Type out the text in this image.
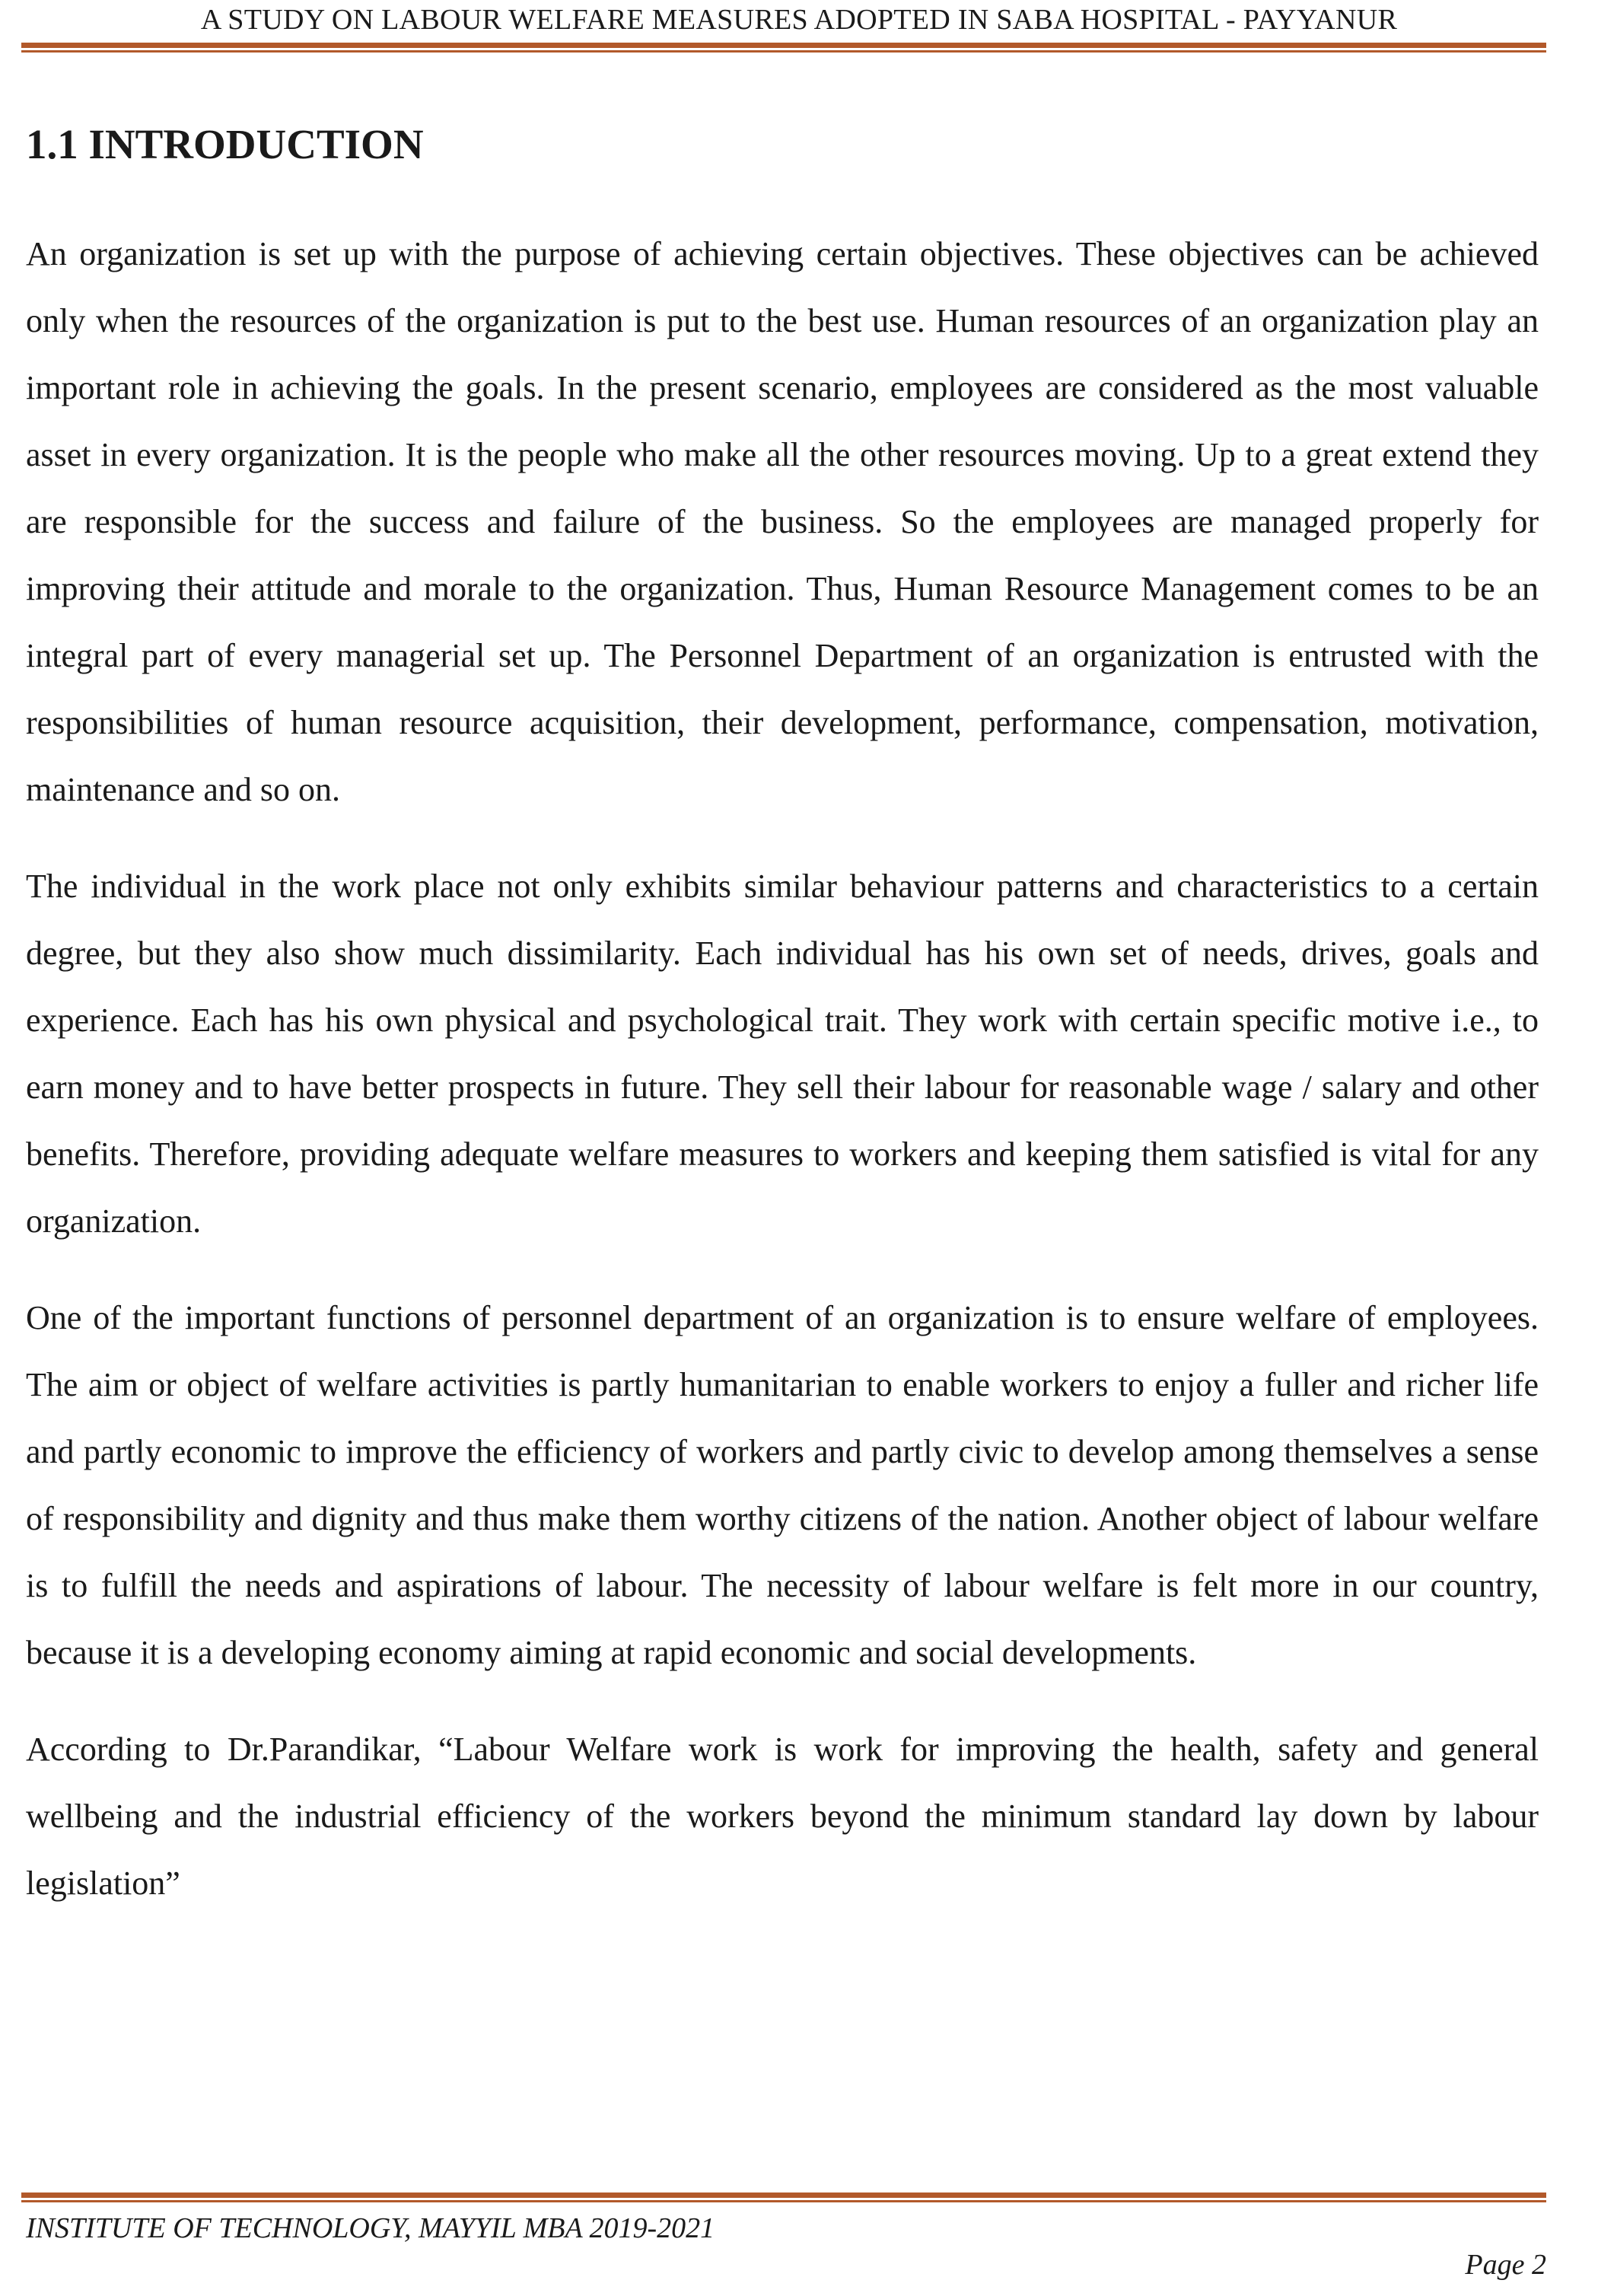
A STUDY ON LABOUR WELFARE MEASURES ADOPTED IN SABA HOSPITAL - PAYYANUR
1.1 INTRODUCTION

An organization is set up with the purpose of achieving certain objectives. These objectives can be achieved only when the resources of the organization is put to the best use. Human resources of an organization play an important role in achieving the goals. In the present scenario, employees are considered as the most valuable asset in every organization. It is the people who make all the other resources moving. Up to a great extend they are responsible for the success and failure of the business. So the employees are managed properly for improving their attitude and morale to the organization. Thus, Human Resource Management comes to be an integral part of every managerial set up. The Personnel Department of an organization is entrusted with the responsibilities of human resource acquisition, their development, performance, compensation, motivation, maintenance and so on.

The individual in the work place not only exhibits similar behaviour patterns and characteristics to a certain degree, but they also show much dissimilarity. Each individual has his own set of needs, drives, goals and experience. Each has his own physical and psychological trait. They work with certain specific motive i.e., to earn money and to have better prospects in future. They sell their labour for reasonable wage / salary and other benefits. Therefore, providing adequate welfare measures to workers and keeping them satisfied is vital for any organization.

One of the important functions of personnel department of an organization is to ensure welfare of employees. The aim or object of welfare activities is partly humanitarian to enable workers to enjoy a fuller and richer life and partly economic to improve the efficiency of workers and partly civic to develop among themselves a sense of responsibility and dignity and thus make them worthy citizens of the nation. Another object of labour welfare is to fulfill the needs and aspirations of labour. The necessity of labour welfare is felt more in our country, because it is a developing economy aiming at rapid economic and social developments.

According to Dr.Parandikar, “Labour Welfare work is work for improving the health, safety and general wellbeing and the industrial efficiency of the workers beyond the minimum standard lay down by labour legislation”

INSTITUTE OF TECHNOLOGY, MAYYIL MBA 2019-2021
Page 2
